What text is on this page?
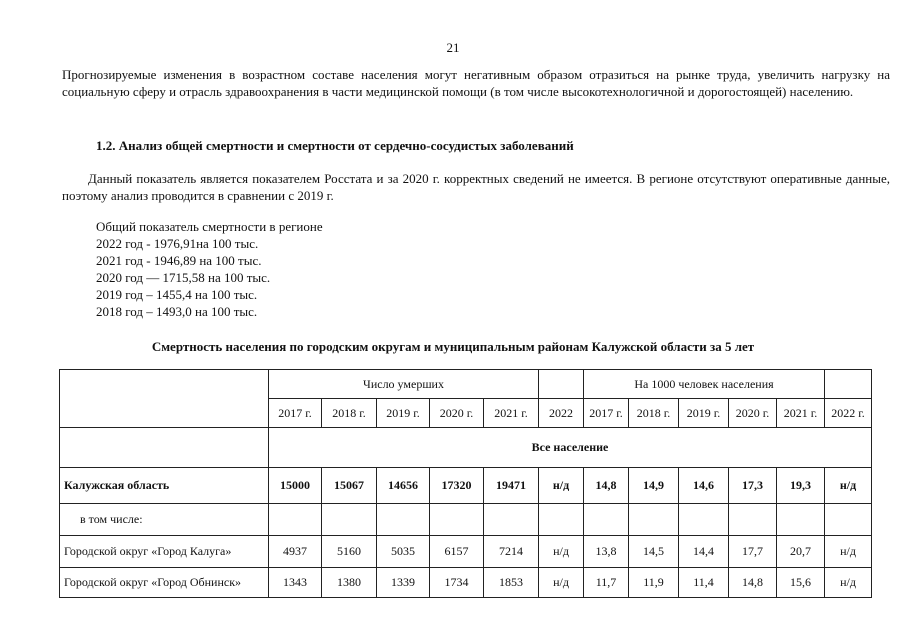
21
Прогнозируемые изменения в возрастном составе населения могут негативным образом отразиться на рынке труда, увеличить нагрузку на социальную сферу и отрасль здравоохранения в части медицинской помощи (в том числе высокотехнологичной и дорогостоящей) населению.
1.2. Анализ общей смертности и смертности от сердечно-сосудистых заболеваний
Данный показатель является показателем Росстата и за 2020 г. корректных сведений не имеется. В регионе отсутствуют оперативные данные, поэтому анализ проводится в сравнении с 2019 г.
Общий показатель смертности в регионе
2022 год - 1976,91на 100 тыс.
2021 год - 1946,89 на 100 тыс.
2020 год — 1715,58 на 100 тыс.
2019 год – 1455,4 на 100 тыс.
2018 год – 1493,0 на 100 тыс.
Смертность населения по городским округам и муниципальным районам Калужской области за 5 лет
	Число умерших						На 1000 человек населения					
	2017 г.	2018 г.	2019 г.	2020 г.	2021 г.	2022	2017 г.	2018 г.	2019 г.	2020 г.	2021 г.	2022 г.
	Все население											
Калужская область	15000	15067	14656	17320	19471	н/д	14,8	14,9	14,6	17,3	19,3	н/д
в том числе:												
Городской округ «Город Калуга»	4937	5160	5035	6157	7214	н/д	13,8	14,5	14,4	17,7	20,7	н/д
Городской округ «Город Обнинск»	1343	1380	1339	1734	1853	н/д	11,7	11,9	11,4	14,8	15,6	н/д
